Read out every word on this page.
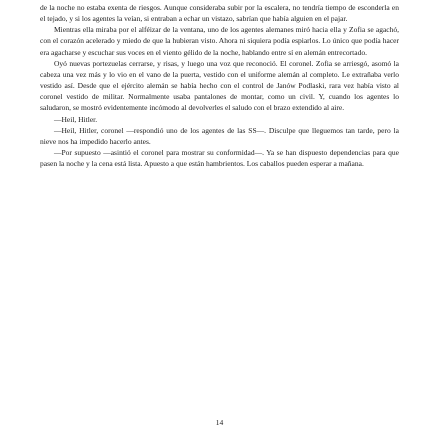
de la noche no estaba exenta de riesgos. Aunque consideraba subir por la escalera, no tendría tiempo de esconderla en el tejado, y si los agentes la veían, si entraban a echar un vistazo, sabrían que había alguien en el pajar.

Mientras ella miraba por el alféizar de la ventana, uno de los agentes alemanes miró hacia ella y Zofia se agachó, con el corazón acelerado y miedo de que la hubieran visto. Ahora ni siquiera podía espiarlos. Lo único que podía hacer era agacharse y escuchar sus voces en el viento gélido de la noche, hablando entre sí en alemán entrecortado.

Oyó nuevas portezuelas cerrarse, y risas, y luego una voz que reconoció. El coronel. Zofia se arriesgó, asomó la cabeza una vez más y lo vio en el vano de la puerta, vestido con el uniforme alemán al completo. Le extrañaba verlo vestido así. Desde que el ejército alemán se había hecho con el control de Janów Podlaski, rara vez había visto al coronel vestido de militar. Normalmente usaba pantalones de montar, como un civil. Y, cuando los agentes lo saludaron, se mostró evidentemente incómodo al devolverles el saludo con el brazo extendido al aire.

—Heil, Hitler.

—Heil, Hitler, coronel —respondió uno de los agentes de las SS—. Disculpe que lleguemos tan tarde, pero la nieve nos ha impedido hacerlo antes.

—Por supuesto —asintió el coronel para mostrar su conformidad—. Ya se han dispuesto dependencias para que pasen la noche y la cena está lista. Apuesto a que están hambrientos. Los caballos pueden esperar a mañana.

14
